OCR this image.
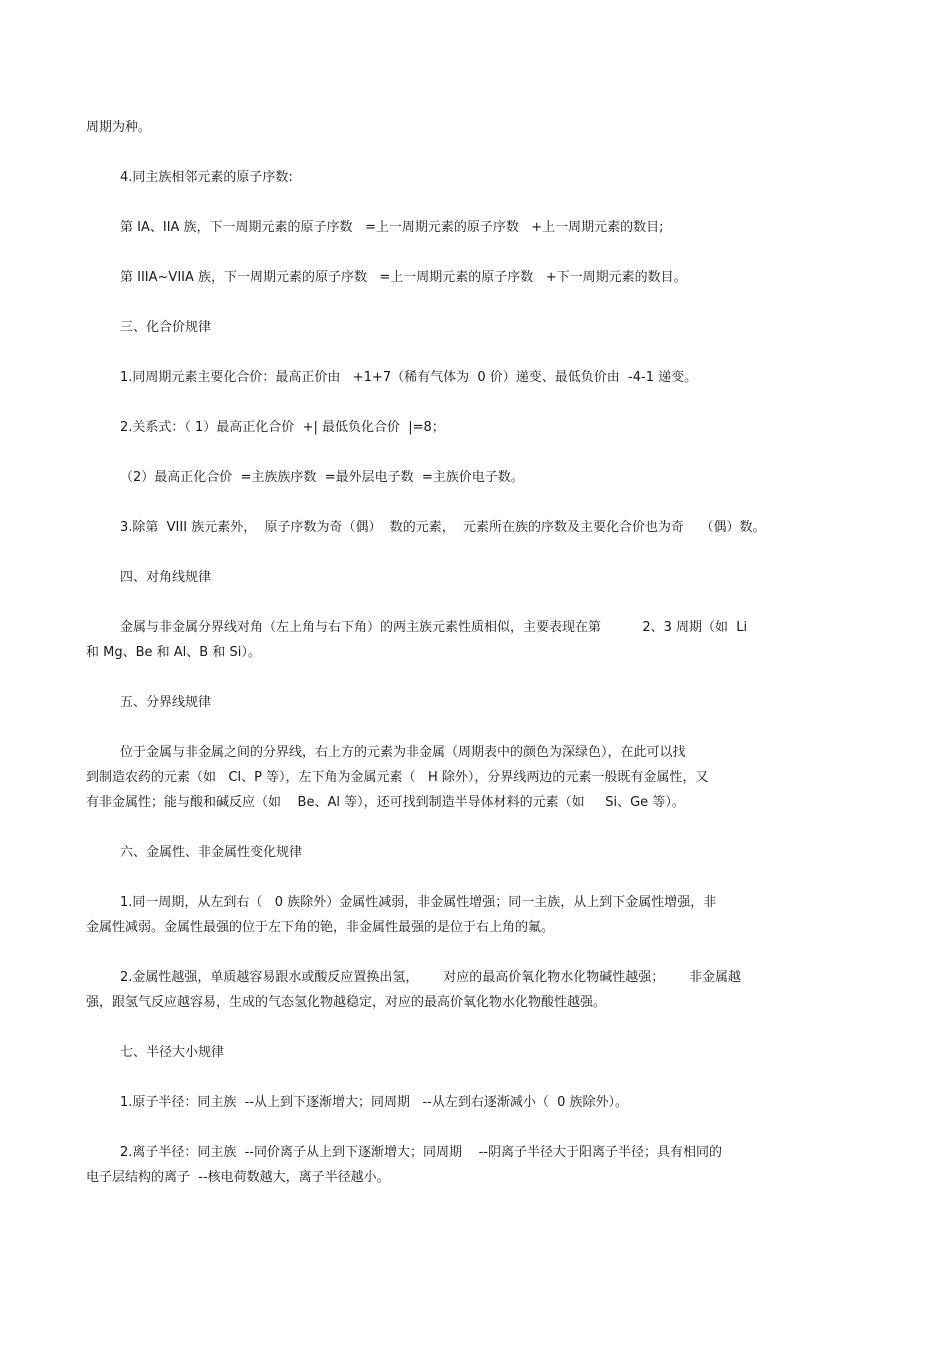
周期为种。
4.同主族相邻元素的原子序数:
第 IA、IIA 族，下一周期元素的原子序数   =上一周期元素的原子序数   +上一周期元素的数目;
第 IIIA~VIIA 族，下一周期元素的原子序数   =上一周期元素的原子序数   +下一周期元素的数目。
三、化合价规律
1.同周期元素主要化合价：最高正价由   +1+7（稀有气体为  0 价）递变、最低负价由  -4-1 递变。
2.关系式：（ 1）最高正化合价  +| 最低负化合价  |=8；
（2）最高正化合价  =主族族序数  =最外层电子数  =主族价电子数。
3.除第  VIII 族元素外，  原子序数为奇（偶）  数的元素，  元素所在族的序数及主要化合价也为奇    （偶）数。
四、对角线规律
金属与非金属分界线对角（左上角与右下角）的两主族元素性质相似，主要表现在第          2、3 周期（如  Li
和 Mg、Be 和 Al、B 和 Si）。
五、分界线规律
位于金属与非金属之间的分界线，右上方的元素为非金属（周期表中的颜色为深绿色），在此可以找
到制造农药的元素（如   Cl、P 等），左下角为金属元素（   H 除外），分界线两边的元素一般既有金属性，又
有非金属性；能与酸和碱反应（如    Be、Al 等），还可找到制造半导体材料的元素（如     Si、Ge 等）。
六、金属性、非金属性变化规律
1.同一周期，从左到右（   0 族除外）金属性减弱，非金属性增强；同一主族，从上到下金属性增强，非
金属性减弱。金属性最强的位于左下角的铯，非金属性最强的是位于右上角的氟。
2.金属性越强，单质越容易跟水或酸反应置换出氢，      对应的最高价氧化物水化物碱性越强；      非金属越
强，跟氢气反应越容易，生成的气态氢化物越稳定，对应的最高价氧化物水化物酸性越强。
七、半径大小规律
1.原子半径：同主族  --从上到下逐渐增大；同周期   --从左到右逐渐减小（  0 族除外）。
2.离子半径：同主族  --同价离子从上到下逐渐增大；同周期    --阴离子半径大于阳离子半径；具有相同的
电子层结构的离子  --核电荷数越大，离子半径越小。
